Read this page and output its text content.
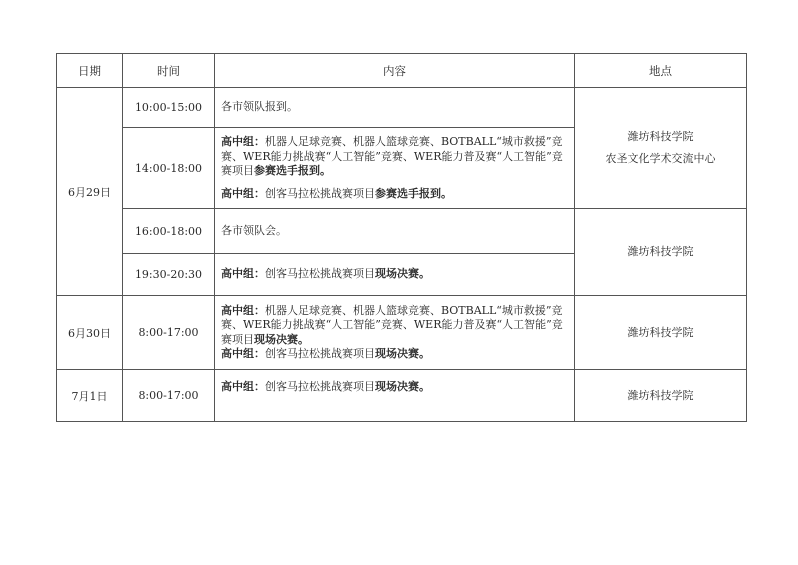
日期	时间	内容	地点
6月29日	10:00-15:00	各市领队报到。	潍坊科技学院
农圣文化学术交流中心

	14:00-18:00	高中组：机器人足球竞赛、机器人篮球竞赛、BOTBALL“城市救援”竞赛、WER能力挑战赛“人工智能”竞赛、WER能力普及赛“人工智能”竞赛项目参赛选手报到。
高中组：创客马拉松挑战赛项目参赛选手报到。	

	16:00-18:00	各市领队会。	潍坊科技学院
	19:30-20:30	高中组：创客马拉松挑战赛项目现场决赛。	
6月30日	8:00-17:00	高中组：机器人足球竞赛、机器人篮球竞赛、BOTBALL“城市救援”竞赛、WER能力挑战赛“人工智能”竞赛、WER能力普及赛“人工智能”竞赛项目现场决赛。
高中组：创客马拉松挑战赛项目现场决赛。	潍坊科技学院
7月1日	8:00-17:00	高中组：创客马拉松挑战赛项目现场决赛。	潍坊科技学院
